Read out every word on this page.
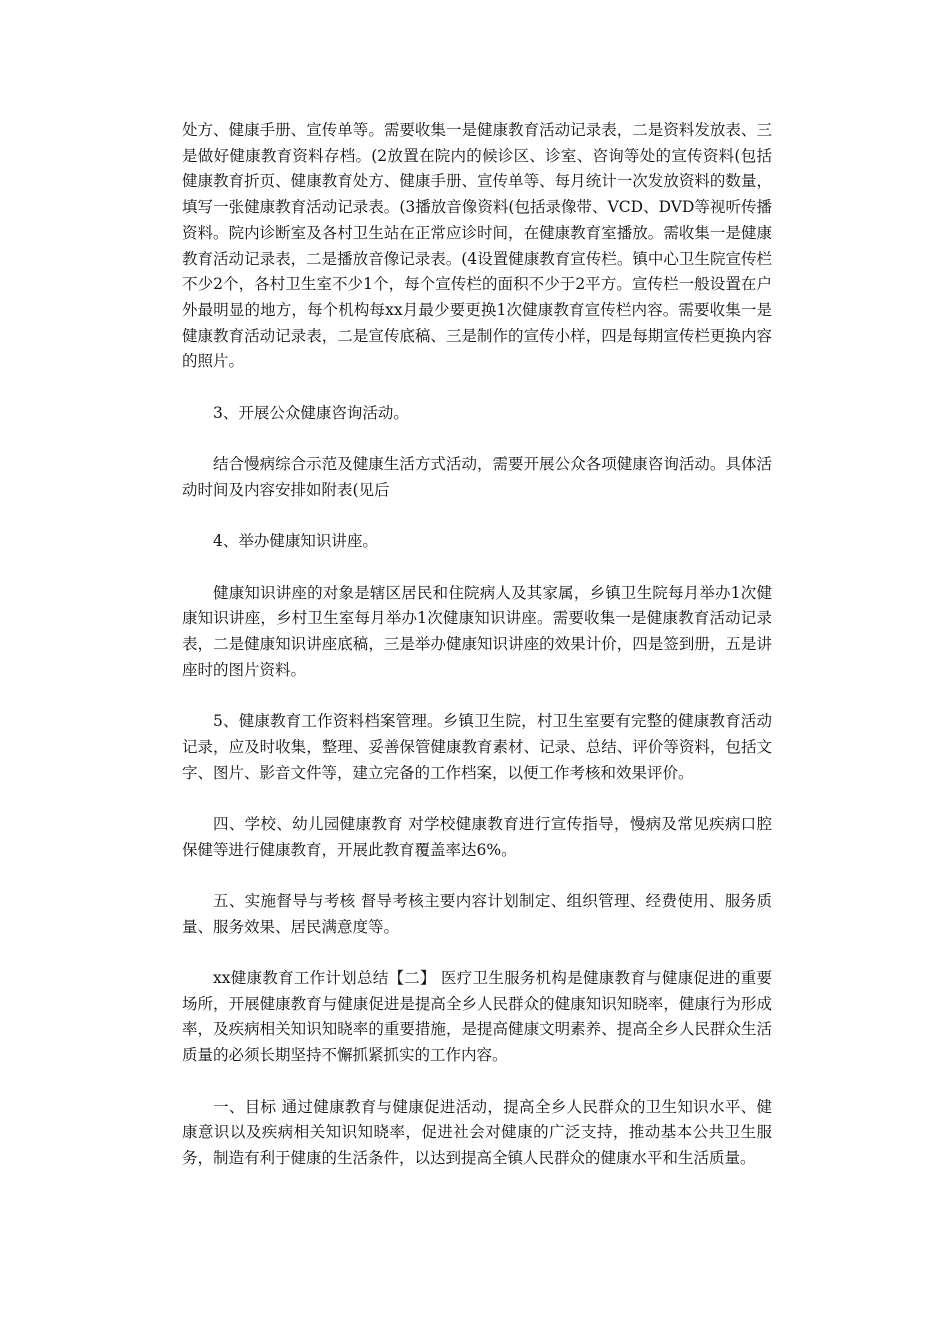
处方、健康手册、宣传单等。需要收集一是健康教育活动记录表，二是资料发放表、三是做好健康教育资料存档。(2放置在院内的候诊区、诊室、咨询等处的宣传资料(包括健康教育折页、健康教育处方、健康手册、宣传单等、每月统计一次发放资料的数量，填写一张健康教育活动记录表。(3播放音像资料(包括录像带、VCD、DVD等视听传播资料。院内诊断室及各村卫生站在正常应诊时间，在健康教育室播放。需收集一是健康教育活动记录表，二是播放音像记录表。(4设置健康教育宣传栏。镇中心卫生院宣传栏不少2个，各村卫生室不少1个，每个宣传栏的面积不少于2平方。宣传栏一般设置在户外最明显的地方，每个机构每xx月最少要更换1次健康教育宣传栏内容。需要收集一是健康教育活动记录表，二是宣传底稿、三是制作的宣传小样，四是每期宣传栏更换内容的照片。

3、开展公众健康咨询活动。

结合慢病综合示范及健康生活方式活动，需要开展公众各项健康咨询活动。具体活动时间及内容安排如附表(见后

4、举办健康知识讲座。

健康知识讲座的对象是辖区居民和住院病人及其家属，乡镇卫生院每月举办1次健康知识讲座，乡村卫生室每月举办1次健康知识讲座。需要收集一是健康教育活动记录表，二是健康知识讲座底稿，三是举办健康知识讲座的效果计价，四是签到册，五是讲座时的图片资料。

5、健康教育工作资料档案管理。乡镇卫生院，村卫生室要有完整的健康教育活动记录，应及时收集，整理、妥善保管健康教育素材、记录、总结、评价等资料，包括文字、图片、影音文件等，建立完备的工作档案，以便工作考核和效果评价。

四、学校、幼儿园健康教育 对学校健康教育进行宣传指导，慢病及常见疾病口腔保健等进行健康教育，开展此教育覆盖率达6%。

五、实施督导与考核 督导考核主要内容计划制定、组织管理、经费使用、服务质量、服务效果、居民满意度等。

xx健康教育工作计划总结【二】 医疗卫生服务机构是健康教育与健康促进的重要场所，开展健康教育与健康促进是提高全乡人民群众的健康知识知晓率，健康行为形成率，及疾病相关知识知晓率的重要措施，是提高健康文明素养、提高全乡人民群众生活质量的必须长期坚持不懈抓紧抓实的工作内容。

一、目标 通过健康教育与健康促进活动，提高全乡人民群众的卫生知识水平、健康意识以及疾病相关知识知晓率，促进社会对健康的广泛支持，推动基本公共卫生服务，制造有利于健康的生活条件，以达到提高全镇人民群众的健康水平和生活质量。
